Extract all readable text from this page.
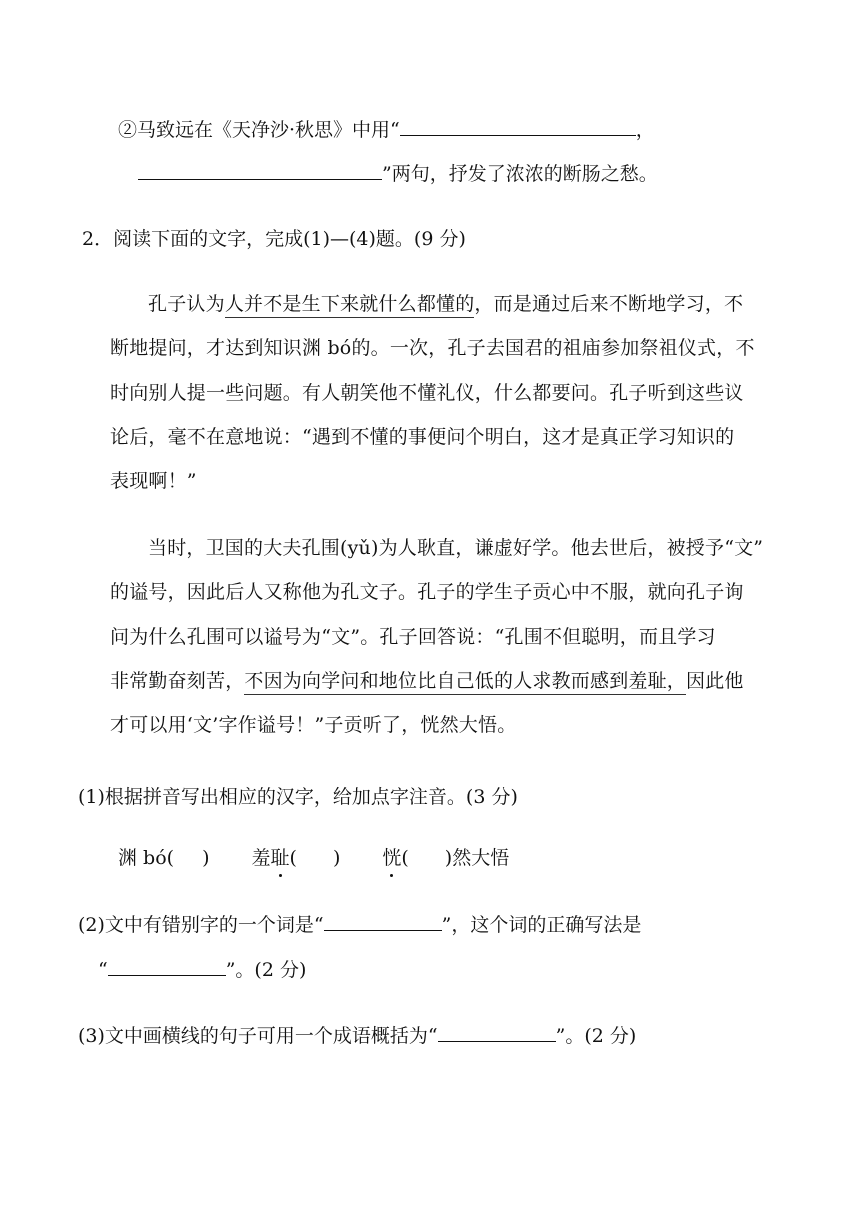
②马致远在《天净沙·秋思》中用“	，
”两句，抒发了浓浓的断肠之愁。
2．阅读下面的文字，完成(1)—(4)题。(9 分)
孔子认为人并不是生下来就什么都懂的，而是通过后来不断地学习，不
断地提问，才达到知识渊 bó的。一次，孔子去国君的祖庙参加祭祖仪式，不
时向别人提一些问题。有人朝笑他不懂礼仪，什么都要问。孔子听到这些议
论后，毫不在意地说：“遇到不懂的事便问个明白，这才是真正学习知识的
表现啊！”
当时，卫国的大夫孔围(yǔ)为人耿直，谦虚好学。他去世后，被授予“文”
的谥号，因此后人又称他为孔文子。孔子的学生子贡心中不服，就向孔子询
问为什么孔围可以谥号为“文”。孔子回答说：“孔围不但聪明，而且学习
非常勤奋刻苦，不因为向学问和地位比自己低的人求教而感到羞耻，因此他
才可以用‘文’字作谥号！”子贡听了，恍然大悟。
(1)根据拼音写出相应的汉字，给加点字注音。(3 分)
渊 bó( ) 羞耻( ) 恍( )然大悟
(2)文中有错别字的一个词是“	”，这个词的正确写法是
“	”。(2 分)
(3)文中画横线的句子可用一个成语概括为“	”。(2 分)
